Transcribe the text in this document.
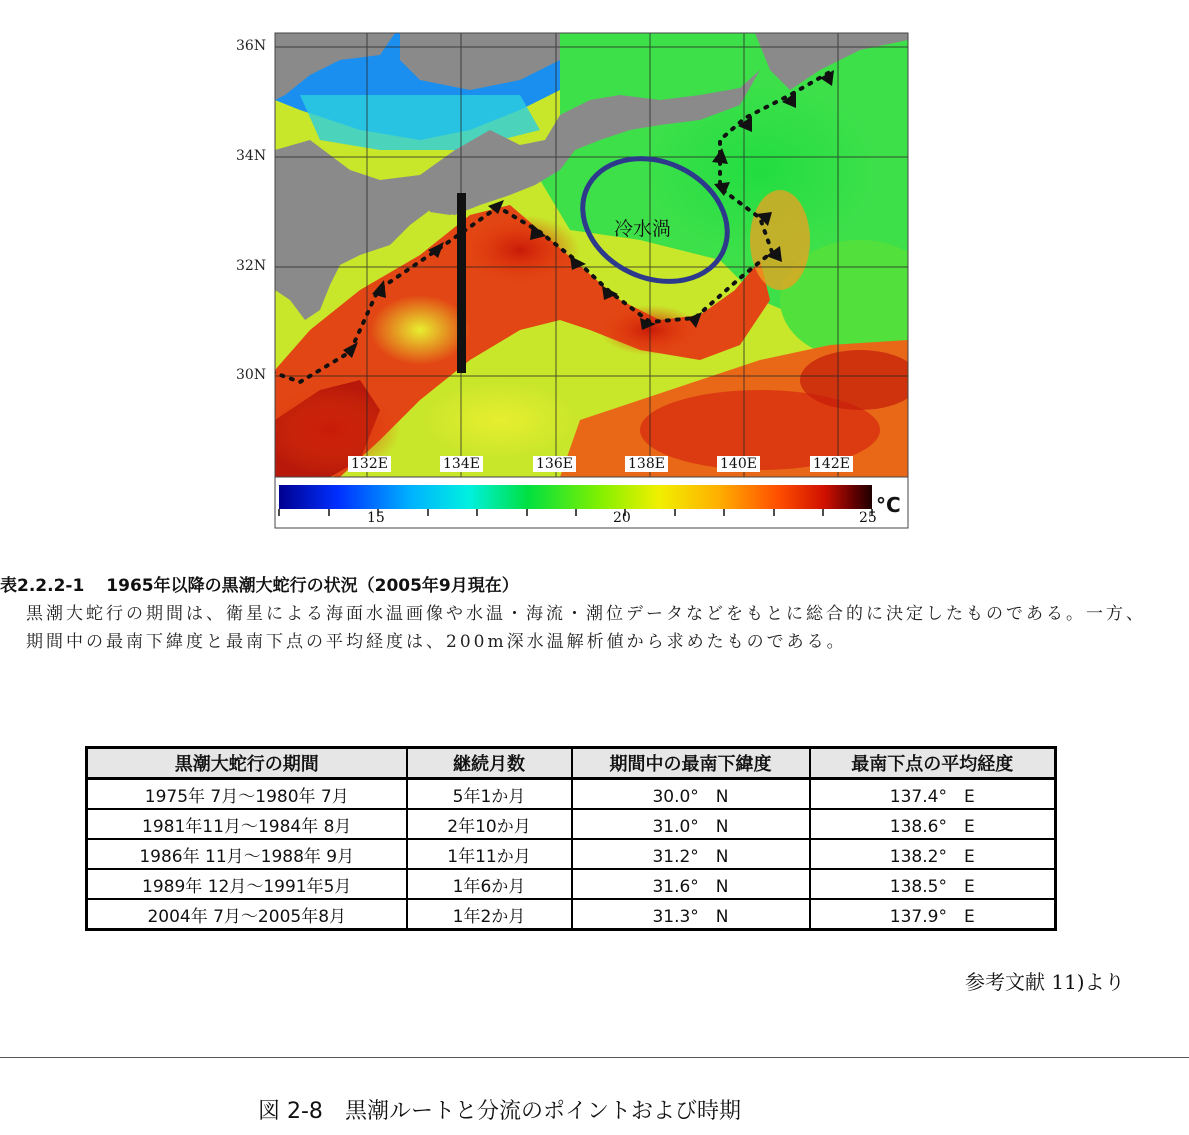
36N
34N
32N
30N
132E	134E	136E	138E	140E	142E
冷水渦
15	20	25
°C
表2.2.2-1 1965年以降の黒潮大蛇行の状況（2005年9月現在）
黒潮大蛇行の期間は、衛星による海面水温画像や水温・海流・潮位データなどをもとに総合的に決定したものである。一方、期間中の最南下緯度と最南下点の平均経度は、200m深水温解析値から求めたものである。
黒潮大蛇行の期間	継続月数	期間中の最南下緯度	最南下点の平均経度
1975年 7月～1980年 7月	5年1か月	30.0°　N	137.4°　E
1981年11月～1984年 8月	2年10か月	31.0°　N	138.6°　E
1986年 11月～1988年 9月	1年11か月	31.2°　N	138.2°　E
1989年 12月～1991年5月	1年6か月	31.6°　N	138.5°　E
2004年 7月～2005年8月	1年2か月	31.3°　N	137.9°　E
参考文献 11)より
図 2-8 黒潮ルートと分流のポイントおよび時期
